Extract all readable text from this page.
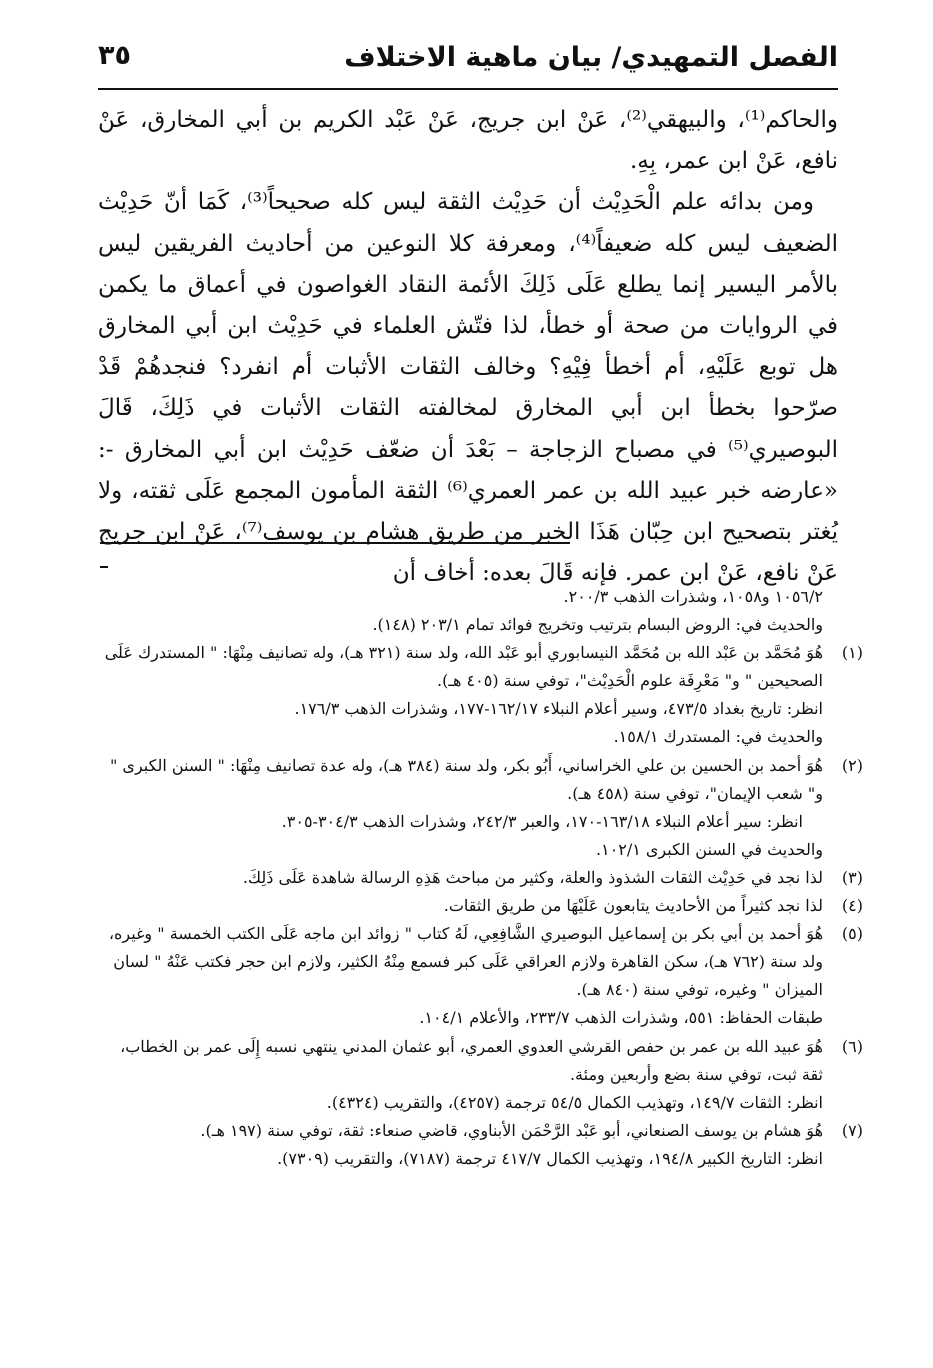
الفصل التمهيدي/ بيان ماهية الاختلاف
٣٥

والحاكم⁽¹⁾، والبيهقي⁽²⁾، عَنْ ابن جريج، عَنْ عَبْد الكريم بن أبي المخارق، عَنْ نافع، عَنْ ابن عمر، بِهِ.

ومن بدائه علم الْحَدِيْث أن حَدِيْث الثقة ليس كله صحيحاً⁽³⁾، كَمَا أنّ حَدِيْث الضعيف ليس كله ضعيفاً⁽⁴⁾، ومعرفة كلا النوعين من أحاديث الفريقين ليس بالأمر اليسير إنما يطلع عَلَى ذَلِكَ الأئمة النقاد الغواصون في أعماق ما يكمن في الروايات من صحة أو خطأ، لذا فتّش العلماء في حَدِيْث ابن أبي المخارق هل توبع عَلَيْهِ، أم أخطأ فِيْهِ؟ وخالف الثقات الأثبات أم انفرد؟ فنجدهُمْ قَدْ صرّحوا بخطأ ابن أبي المخارق لمخالفته الثقات الأثبات في ذَلِكَ، قَالَ البوصيري⁽⁵⁾ في مصباح الزجاجة – بَعْدَ أن ضعّف حَدِيْث ابن أبي المخارق -: «عارضه خبر عبيد الله بن عمر العمري⁽⁶⁾ الثقة المأمون المجمع عَلَى ثقته، ولا يُغتر بتصحيح ابن حِبّان هَذَا الخبر من طريق هشام بن يوسف⁽⁷⁾، عَنْ ابن جريج عَنْ نافع، عَنْ ابن عمر. فإنه قَالَ بعده: أخاف أن

١٠٥٦/٢ و١٠٥٨، وشذرات الذهب ٢٠٠/٣.

والحديث في: الروض البسام بترتيب وتخريج فوائد تمام ٢٠٣/١ (١٤٨).

(١)
هُوَ مُحَمَّد بن عَبْد الله بن مُحَمَّد النيسابوري أبو عَبْد الله، ولد سنة (٣٢١ هـ)، وله تصانيف مِنْهَا: " المستدرك عَلَى الصحيحين " و" مَعْرِفَة علوم الْحَدِيْث"، توفي سنة (٤٠٥ هـ).

انظر: تاريخ بغداد ٤٧٣/٥، وسير أعلام النبلاء ١٦٢/١٧-١٧٧، وشذرات الذهب ١٧٦/٣.

والحديث في: المستدرك ١٥٨/١.

(٢)
هُوَ أحمد بن الحسين بن علي الخراساني، أَبُو بكر، ولد سنة (٣٨٤ هـ)، وله عدة تصانيف مِنْهَا: " السنن الكبرى " و" شعب الإيمان"، توفي سنة (٤٥٨ هـ).

انظر: سير أعلام النبلاء ١٦٣/١٨-١٧٠، والعبر ٢٤٢/٣، وشذرات الذهب ٣٠٤/٣-٣٠٥.

والحديث في السنن الكبرى ١٠٢/١.

(٣)
لذا نجد في حَدِيْث الثقات الشذوذ والعلة، وكثير من مباحث هَذِهِ الرسالة شاهدة عَلَى ذَلِكَ.

(٤)
لذا نجد كثيراً من الأحاديث يتابعون عَلَيْهَا من طريق الثقات.

(٥)
هُوَ أحمد بن أبي بكر بن إسماعيل البوصيري الشَّافِعِي، لَهُ كتاب " زوائد ابن ماجه عَلَى الكتب الخمسة " وغيره، ولد سنة (٧٦٢ هـ)، سكن القاهرة ولازم العراقي عَلَى كبر فسمع مِنْهُ الكثير، ولازم ابن حجر فكتب عَنْهُ " لسان الميزان " وغيره، توفي سنة (٨٤٠ هـ).

طبقات الحفاظ: ٥٥١، وشذرات الذهب ٢٣٣/٧، والأعلام ١٠٤/١.

(٦)
هُوَ عبيد الله بن عمر بن حفص القرشي العدوي العمري، أبو عثمان المدني ينتهي نسبه إِلَى عمر بن الخطاب، ثقة ثبت، توفي سنة بضع وأربعين ومئة.

انظر: الثقات ١٤٩/٧، وتهذيب الكمال ٥٤/٥ ترجمة (٤٢٥٧)، والتقريب (٤٣٢٤).

(٧)
هُوَ هشام بن يوسف الصنعاني، أبو عَبْد الرَّحْمَن الأبناوي، قاضي صنعاء: ثقة، توفي سنة (١٩٧ هـ).

انظر: التاريخ الكبير ١٩٤/٨، وتهذيب الكمال ٤١٧/٧ ترجمة (٧١٨٧)، والتقريب (٧٣٠٩).
